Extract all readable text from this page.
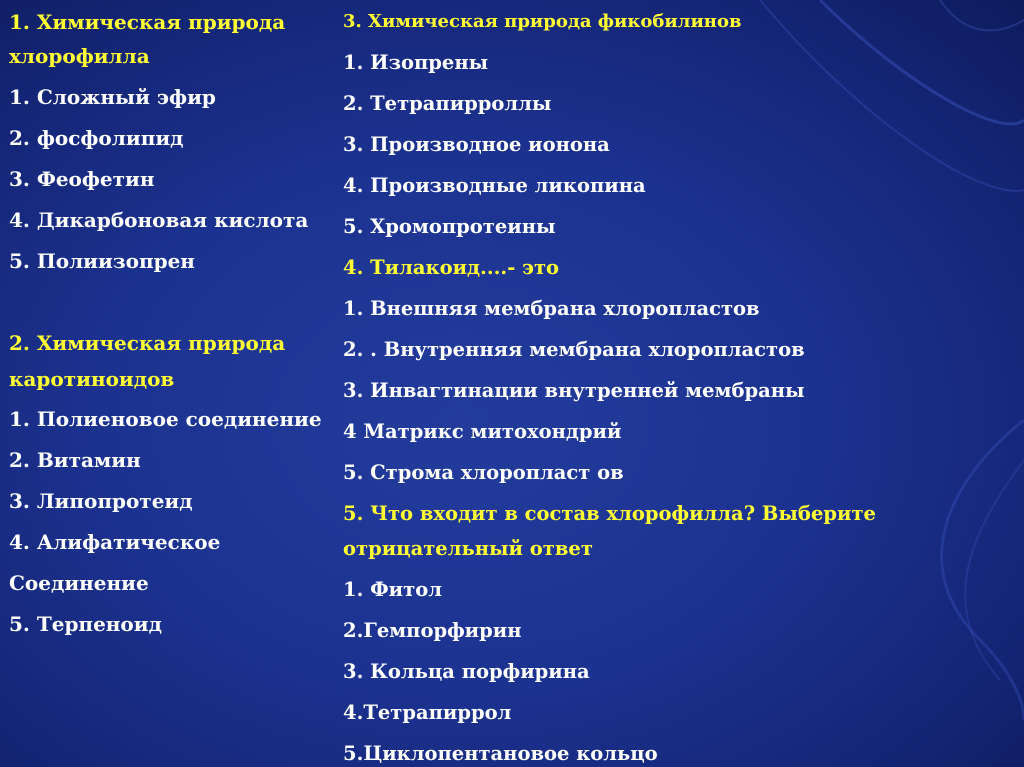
1. Химическая природа
хлорофилла
1. Сложный эфир
2. фосфолипид
3. Феофетин
4. Дикарбоновая кислота
5. Полиизопрен
2. Химическая природа
каротиноидов
1. Полиеновое соединение
2. Витамин
3. Липопротеид
4. Алифатическое
Соединение
5. Терпеноид
3. Химическая природа фикобилинов
1. Изопрены
2. Тетрапирроллы
3. Производное ионона
4. Производные ликопина
5. Хромопротеины
4. Тилакоид....- это
1. Внешняя мембрана хлоропластов
2. . Внутренняя мембрана хлоропластов
3. Инвагтинации внутренней мембраны
4 Матрикс митохондрий
5. Строма хлоропласт ов
5. Что входит в состав хлорофилла? Выберите
отрицательный ответ
1. Фитол
2.Гемпорфирин
3. Кольца порфирина
4.Тетрапиррол
5.Циклопентановое кольцо
